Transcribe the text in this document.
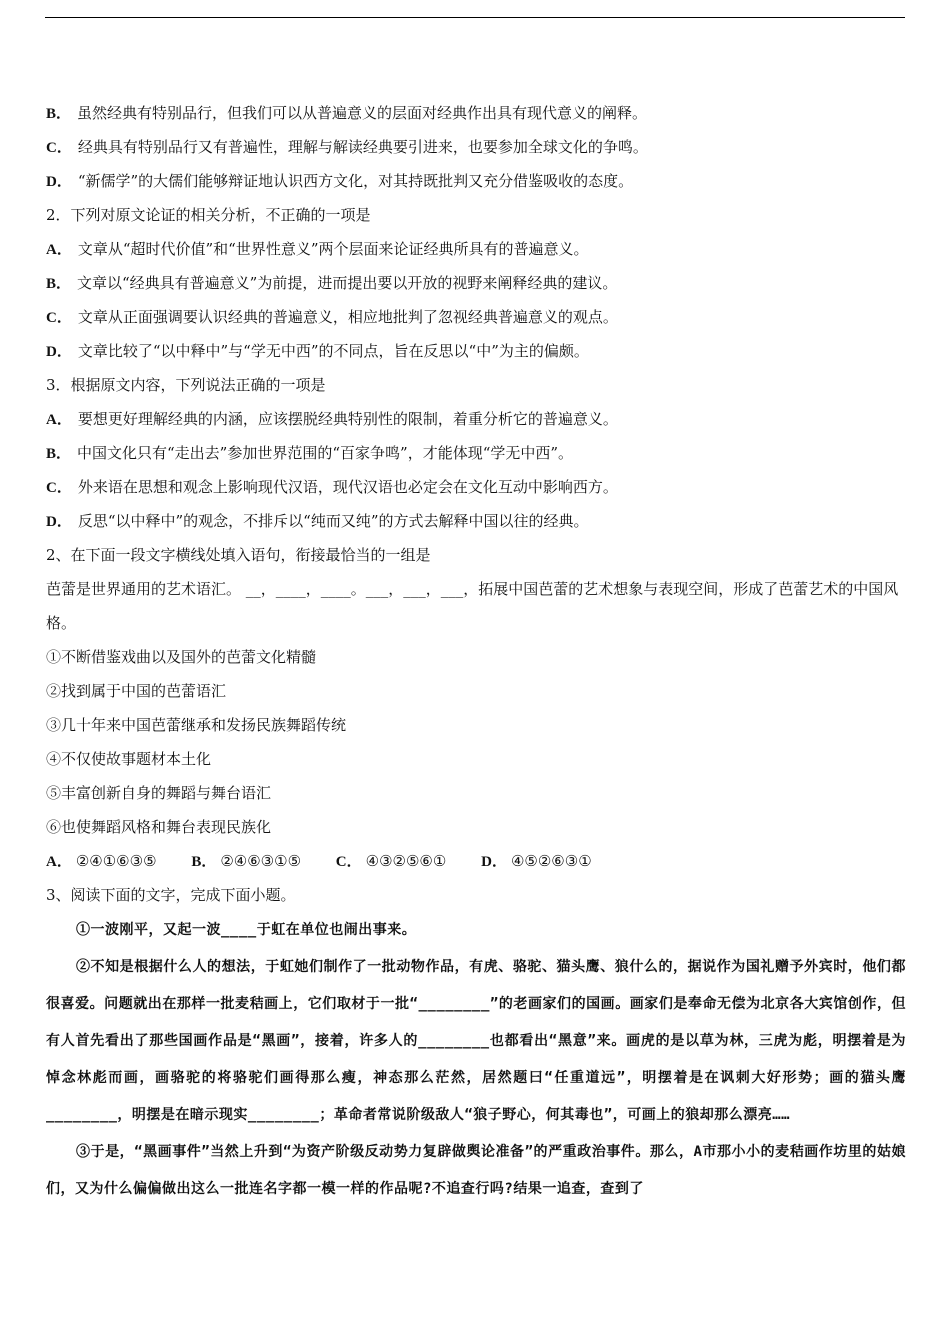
B． 虽然经典有特别品行，但我们可以从普遍意义的层面对经典作出具有现代意义的阐释。
C． 经典具有特别品行又有普遍性，理解与解读经典要引进来，也要参加全球文化的争鸣。
D． “新儒学”的大儒们能够辩证地认识西方文化，对其持既批判又充分借鉴吸收的态度。
2．下列对原文论证的相关分析，不正确的一项是
A． 文章从“超时代价值”和“世界性意义”两个层面来论证经典所具有的普遍意义。
B． 文章以“经典具有普遍意义”为前提，进而提出要以开放的视野来阐释经典的建议。
C． 文章从正面强调要认识经典的普遍意义，相应地批判了忽视经典普遍意义的观点。
D． 文章比较了“以中释中”与“学无中西”的不同点，旨在反思以“中”为主的偏颇。
3．根据原文内容，下列说法正确的一项是
A． 要想更好理解经典的内涵，应该摆脱经典特别性的限制，着重分析它的普遍意义。
B． 中国文化只有“走出去”参加世界范围的“百家争鸣”，才能体现“学无中西”。
C． 外来语在思想和观念上影响现代汉语，现代汉语也必定会在文化互动中影响西方。
D． 反思“以中释中”的观念，不排斥以“纯而又纯”的方式去解释中国以往的经典。
2、在下面一段文字横线处填入语句，衔接最恰当的一组是
芭蕾是世界通用的艺术语汇。 __，____，____。___，___，___，拓展中国芭蕾的艺术想象与表现空间，形成了芭蕾艺术的中国风格。
①不断借鉴戏曲以及国外的芭蕾文化精髓
②找到属于中国的芭蕾语汇
③几十年来中国芭蕾继承和发扬民族舞蹈传统
④不仅使故事题材本土化
⑤丰富创新自身的舞蹈与舞台语汇
⑥也使舞蹈风格和舞台表现民族化
A． ②④①⑥③⑤ B． ②④⑥③①⑤ C． ④③②⑤⑥① D． ④⑤②⑥③①
3、阅读下面的文字，完成下面小题。
①一波刚平，又起一波____于虹在单位也闹出事来。
②不知是根据什么人的想法，于虹她们制作了一批动物作品，有虎、骆驼、猫头鹰、狼什么的，据说作为国礼赠予外宾时，他们都很喜爱。问题就出在那样一批麦秸画上，它们取材于一批“________”的老画家们的国画。画家们是奉命无偿为北京各大宾馆创作，但有人首先看出了那些国画作品是“黑画”，接着，许多人的________也都看出“黑意”来。画虎的是以草为林，三虎为彪，明摆着是为悼念林彪而画，画骆驼的将骆驼们画得那么瘦，神态那么茫然，居然题曰“任重道远”，明摆着是在讽刺大好形势；画的猫头鹰________，明摆是在暗示现实________；革命者常说阶级敌人“狼子野心，何其毒也”，可画上的狼却那么漂亮……
③于是，“黑画事件”当然上升到“为资产阶级反动势力复辟做舆论准备”的严重政治事件。那么，A市那小小的麦秸画作坊里的姑娘们，又为什么偏偏做出这么一批连名字都一模一样的作品呢?不追查行吗?结果一追查，查到了
